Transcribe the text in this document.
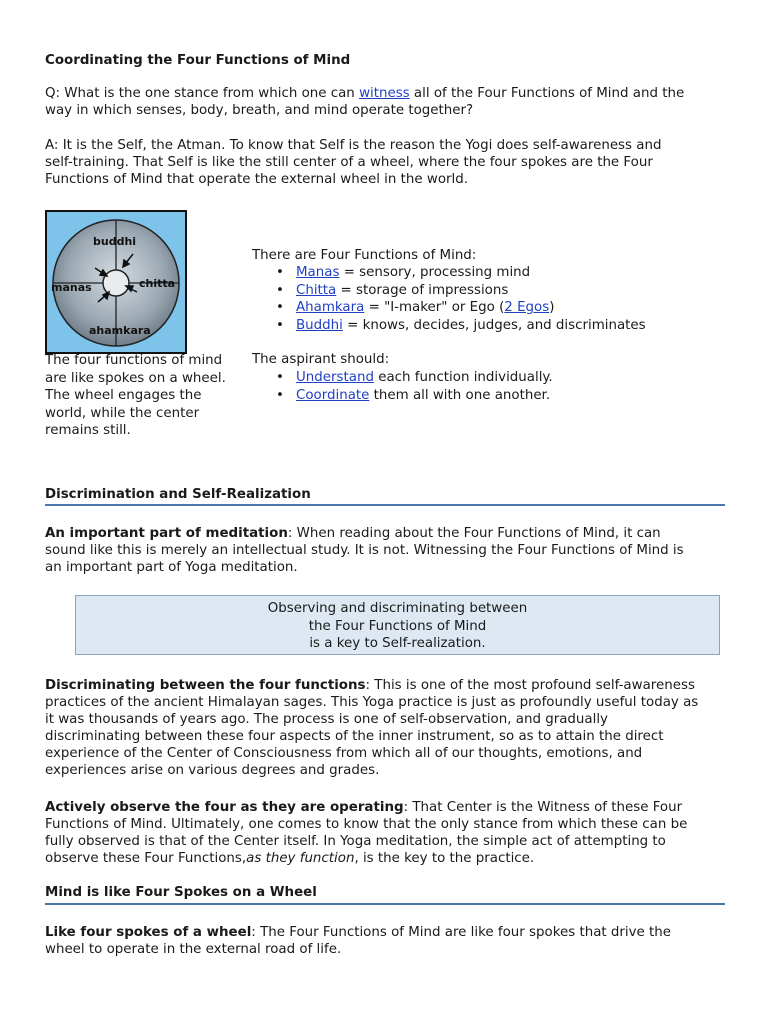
Coordinating the Four Functions of Mind
Q: What is the one stance from which one can witness all of the Four Functions of Mind and the
way in which senses, body, breath, and mind operate together?
A: It is the Self, the Atman. To know that Self is the reason the Yogi does self-awareness and
self-training. That Self is like the still center of a wheel, where the four spokes are the Four
Functions of Mind that operate the external wheel in the world.
buddhi
manas	chitta
ahamkara
The four functions of mind
are like spokes on a wheel.
The wheel engages the
world, while the center
remains still.
There are Four Functions of Mind:
• Manas = sensory, processing mind
• Chitta = storage of impressions
• Ahamkara = "I-maker" or Ego (2 Egos)
• Buddhi = knows, decides, judges, and discriminates
The aspirant should:
• Understand each function individually.
• Coordinate them all with one another.
Discrimination and Self-Realization
An important part of meditation: When reading about the Four Functions of Mind, it can
sound like this is merely an intellectual study. It is not. Witnessing the Four Functions of Mind is
an important part of Yoga meditation.
Observing and discriminating between
the Four Functions of Mind
is a key to Self-realization.
Discriminating between the four functions: This is one of the most profound self-awareness
practices of the ancient Himalayan sages. This Yoga practice is just as profoundly useful today as
it was thousands of years ago. The process is one of self-observation, and gradually
discriminating between these four aspects of the inner instrument, so as to attain the direct
experience of the Center of Consciousness from which all of our thoughts, emotions, and
experiences arise on various degrees and grades.
Actively observe the four as they are operating: That Center is the Witness of these Four
Functions of Mind. Ultimately, one comes to know that the only stance from which these can be
fully observed is that of the Center itself. In Yoga meditation, the simple act of attempting to
observe these Four Functions,as they function, is the key to the practice.
Mind is like Four Spokes on a Wheel
Like four spokes of a wheel: The Four Functions of Mind are like four spokes that drive the
wheel to operate in the external road of life.
